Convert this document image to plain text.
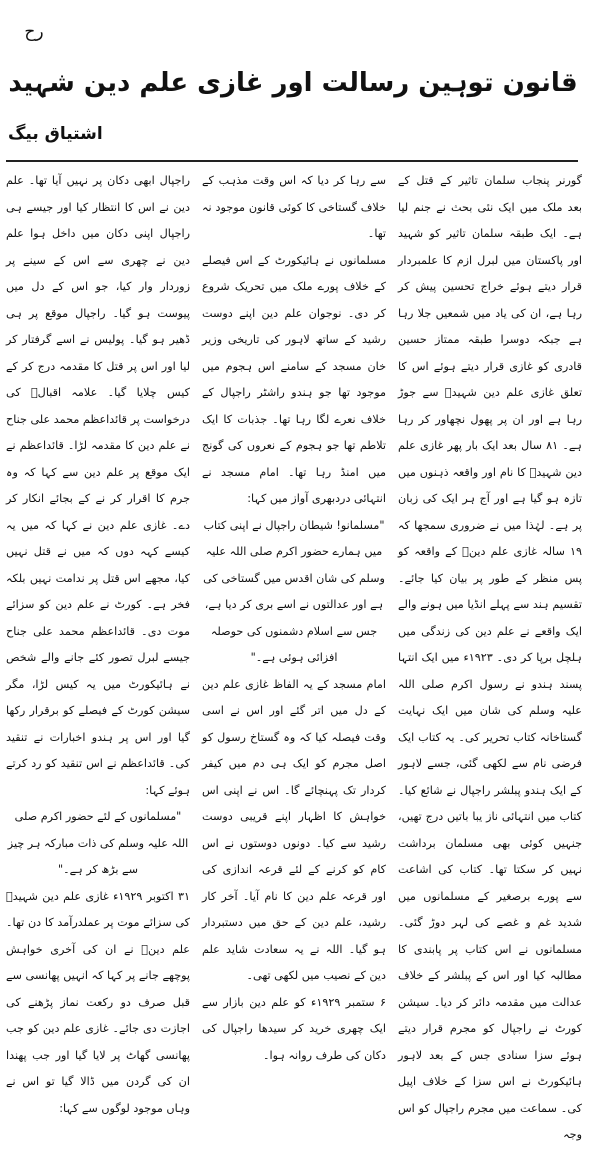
رح
قانون توہین رسالت اور غازی علم دین شہید
اشتیاق بیگ

گورنر پنجاب سلمان تاثیر کے قتل کے بعد ملک میں ایک نئی بحث نے جنم لیا ہے۔ ایک طبقہ سلمان تاثیر کو شہید اور پاکستان میں لبرل ازم کا علمبردار قرار دیتے ہوئے خراج تحسین پیش کر رہا ہے، ان کی یاد میں شمعیں جلا رہا ہے جبکہ دوسرا طبقہ ممتاز حسین قادری کو غازی قرار دیتے ہوئے اس کا تعلق غازی علم دین شہیدؒ سے جوڑ رہا ہے اور ان پر پھول نچھاور کر رہا ہے۔ ۸۱ سال بعد ایک بار پھر غازی علم دین شہیدؒ کا نام اور واقعہ ذہنوں میں تازہ ہو گیا ہے اور آج ہر ایک کی زبان پر ہے۔ لہٰذا میں نے ضروری سمجھا کہ ۱۹ سالہ غازی علم دینؒ کے واقعہ کو پس منظر کے طور پر بیان کیا جائے۔ تقسیم ہند سے پہلے انڈیا میں ہونے والے ایک واقعے نے علم دین کی زندگی میں ہلچل برپا کر دی۔ ۱۹۲۳ء میں ایک انتہا پسند ہندو نے رسول اکرم صلی اللہ علیہ وسلم کی شان میں ایک نہایت گستاخانہ کتاب تحریر کی۔ یہ کتاب ایک فرضی نام سے لکھی گئی، جسے لاہور کے ایک ہندو پبلشر راجپال نے شائع کیا۔ کتاب میں انتہائی ناز یبا باتیں درج تھیں، جنہیں کوئی بھی مسلمان برداشت نہیں کر سکتا تھا۔ کتاب کی اشاعت سے پورے برصغیر کے مسلمانوں میں شدید غم و غصے کی لہر دوڑ گئی۔ مسلمانوں نے اس کتاب پر پابندی کا مطالبہ کیا اور اس کے پبلشر کے خلاف عدالت میں مقدمہ دائر کر دیا۔ سیشن کورٹ نے راجپال کو مجرم قرار دیتے ہوئے سزا سنادی جس کے بعد لاہور ہائیکورٹ نے اس سزا کے خلاف اپیل کی۔ سماعت میں مجرم راجپال کو اس وجہ

سے رہا کر دیا کہ اس وقت مذہب کے خلاف گستاخی کا کوئی قانون موجود نہ تھا۔

مسلمانوں نے ہائیکورٹ کے اس فیصلے کے خلاف پورے ملک میں تحریک شروع کر دی۔ نوجوان علم دین اپنے دوست رشید کے ساتھ لاہور کی تاریخی وزیر خان مسجد کے سامنے اس ہجوم میں موجود تھا جو ہندو راشٹر راجپال کے خلاف نعرے لگا رہا تھا۔ جذبات کا ایک تلاطم تھا جو ہجوم کے نعروں کی گونج میں امنڈ رہا تھا۔ امام مسجد نے انتہائی دردبھری آواز میں کہا:

"مسلمانو! شیطان راجپال نے اپنی کتاب میں ہمارے حضور اکرم صلی اللہ علیہ وسلم کی شان اقدس میں گستاخی کی ہے اور عدالتوں نے اسے بری کر دیا ہے، جس سے اسلام دشمنوں کی حوصلہ افزائی ہوئی ہے۔"

امام مسجد کے یہ الفاظ غازی علم دین کے دل میں اتر گئے اور اس نے اسی وقت فیصلہ کیا کہ وہ گستاخ رسول کو اصل مجرم کو ایک ہی دم میں کیفر کردار تک پہنچائے گا۔ اس نے اپنی اس خواہش کا اظہار اپنے قریبی دوست رشید سے کیا۔ دونوں دوستوں نے اس کام کو کرنے کے لئے قرعہ اندازی کی اور قرعہ علم دین کا نام آیا۔ آخر کار رشید، علم دین کے حق میں دستبردار ہو گیا۔ اللہ نے یہ سعادت شاید علم دین کے نصیب میں لکھی تھی۔

۶ ستمبر ۱۹۲۹ء کو علم دین بازار سے ایک چھری خرید کر سیدھا راجپال کی دکان کی طرف روانہ ہوا۔

راجپال ابھی دکان پر نہیں آیا تھا۔ علم دین نے اس کا انتظار کیا اور جیسے ہی راجپال اپنی دکان میں داخل ہوا علم دین نے چھری سے اس کے سینے پر زوردار وار کیا، جو اس کے دل میں پیوست ہو گیا۔ راجپال موقع پر ہی ڈھیر ہو گیا۔ پولیس نے اسے گرفتار کر لیا اور اس پر قتل کا مقدمہ درج کر کے کیس چلایا گیا۔ علامہ اقبالؒ کی درخواست پر قائداعظم محمد علی جناح نے علم دین کا مقدمہ لڑا۔ قائداعظم نے ایک موقع پر علم دین سے کہا کہ وہ جرم کا اقرار کر نے کے بجائے انکار کر دے۔ غازی علم دین نے کہا کہ میں یہ کیسے کہہ دوں کہ میں نے قتل نہیں کیا، مجھے اس قتل پر ندامت نہیں بلکہ فخر ہے۔ کورٹ نے علم دین کو سزائے موت دی۔ قائداعظم محمد علی جناح جیسے لبرل تصور کئے جانے والے شخص نے ہائیکورٹ میں یہ کیس لڑا، مگر سیشن کورٹ کے فیصلے کو برقرار رکھا گیا اور اس پر ہندو اخبارات نے تنقید کی۔ قائداعظم نے اس تنقید کو رد کرتے ہوئے کہا:

"مسلمانوں کے لئے حضور اکرم صلی اللہ علیہ وسلم کی ذات مبارکہ ہر چیز سے بڑھ کر ہے۔"

۳۱ اکتوبر ۱۹۲۹ء غازی علم دین شہیدؒ کی سزائے موت پر عملدرآمد کا دن تھا۔ علم دینؒ نے ان کی آخری خواہش پوچھے جانے پر کہا کہ انہیں پھانسی سے قبل صرف دو رکعت نماز پڑھنے کی اجازت دی جائے۔ غازی علم دین کو جب پھانسی گھاٹ پر لایا گیا اور جب پھندا ان کی گردن میں ڈالا گیا تو اس نے وہاں موجود لوگوں سے کہا:
